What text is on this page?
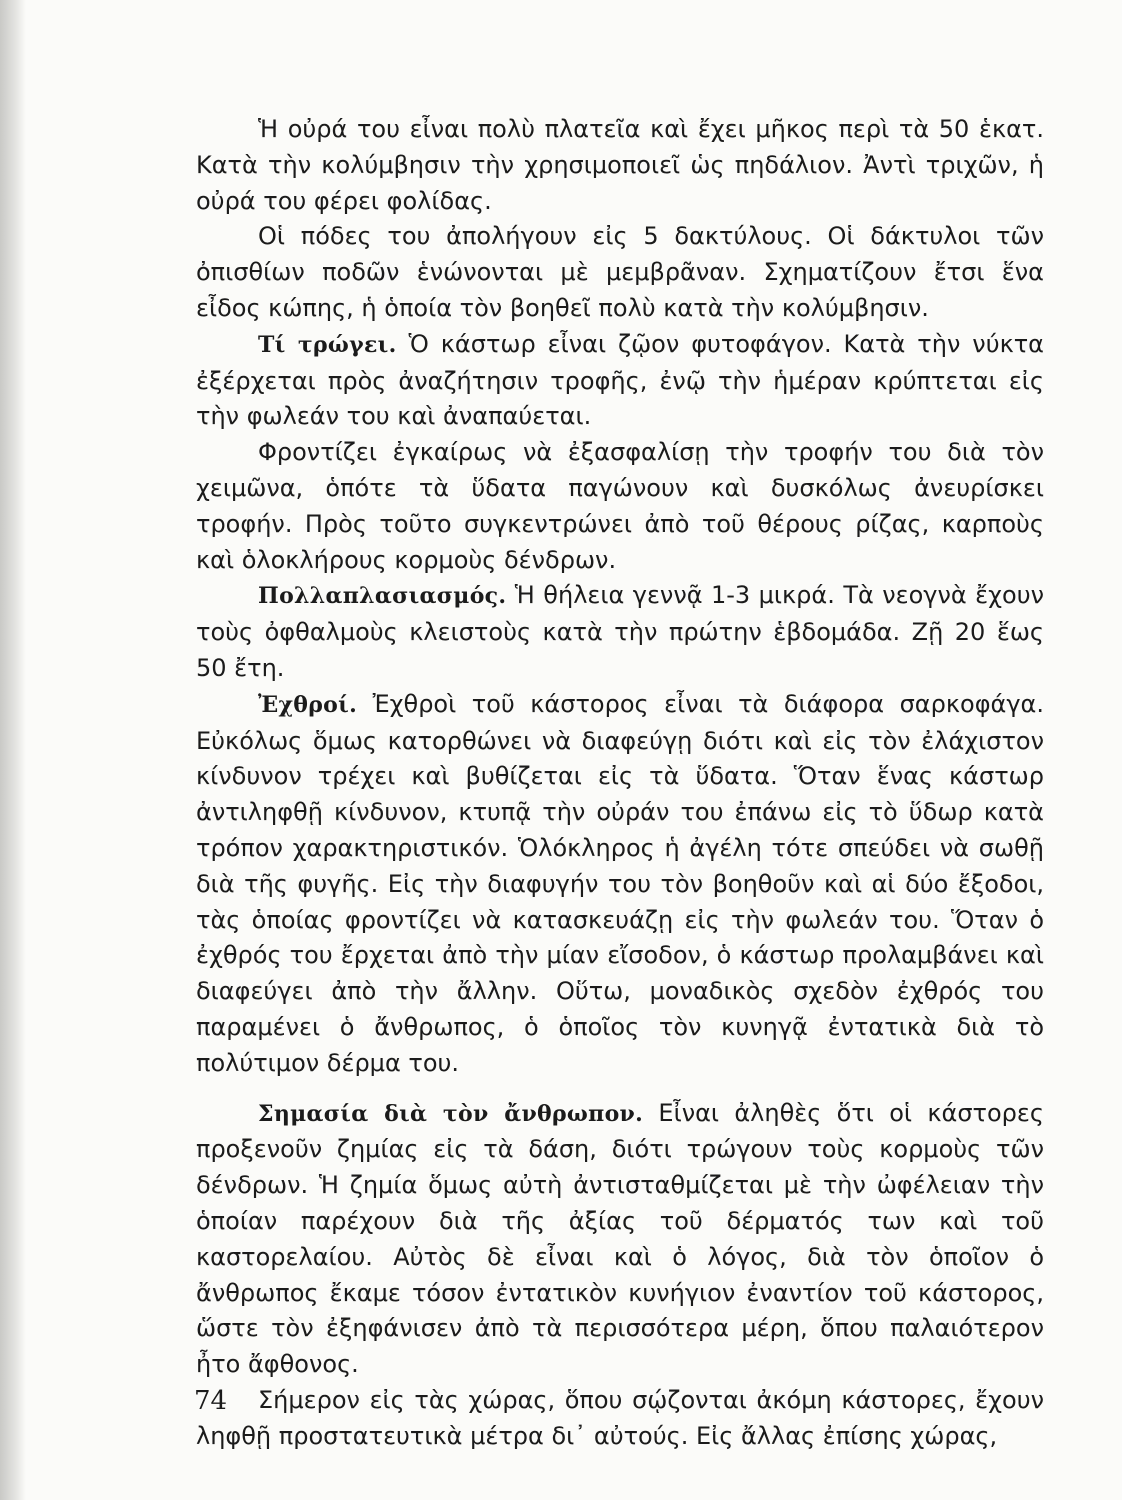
Ἡ οὐρά του εἶναι πολὺ πλατεῖα καὶ ἔχει μῆκος περὶ τὰ 50 ἑκατ. Κατὰ τὴν κολύμβησιν τὴν χρησιμοποιεῖ ὡς πηδάλιον. Ἀντὶ τριχῶν, ἡ οὐρά του φέρει φολίδας.

Οἱ πόδες του ἀπολήγουν εἰς 5 δακτύλους. Οἱ δάκτυλοι τῶν ὀπισθίων ποδῶν ἑνώνονται μὲ μεμβρᾶναν. Σχηματίζουν ἔτσι ἕνα εἶδος κώπης, ἡ ὁποία τὸν βοηθεῖ πολὺ κατὰ τὴν κολύμβησιν.

Τί τρώγει. Ὁ κάστωρ εἶναι ζῷον φυτοφάγον. Κατὰ τὴν νύκτα ἐξέρχεται πρὸς ἀναζήτησιν τροφῆς, ἐνῷ τὴν ἡμέραν κρύπτεται εἰς τὴν φωλεάν του καὶ ἀναπαύεται.

Φροντίζει ἐγκαίρως νὰ ἐξασφαλίσῃ τὴν τροφήν του διὰ τὸν χειμῶνα, ὁπότε τὰ ὕδατα παγώνουν καὶ δυσκόλως ἀνευρίσκει τροφήν. Πρὸς τοῦτο συγκεντρώνει ἀπὸ τοῦ θέρους ρίζας, καρποὺς καὶ ὁλοκλήρους κορμοὺς δένδρων.

Πολλαπλασιασμός. Ἡ θήλεια γεννᾷ 1-3 μικρά. Τὰ νεογνὰ ἔχουν τοὺς ὀφθαλμοὺς κλειστοὺς κατὰ τὴν πρώτην ἑβδομάδα. Ζῇ 20 ἕως 50 ἔτη.

Ἐχθροί. Ἐχθροὶ τοῦ κάστορος εἶναι τὰ διάφορα σαρκοφάγα. Εὐκόλως ὅμως κατορθώνει νὰ διαφεύγῃ διότι καὶ εἰς τὸν ἐλάχιστον κίνδυνον τρέχει καὶ βυθίζεται εἰς τὰ ὕδατα. Ὅταν ἕνας κάστωρ ἀντιληφθῇ κίνδυνον, κτυπᾷ τὴν οὐράν του ἐπάνω εἰς τὸ ὕδωρ κατὰ τρόπον χαρακτηριστικόν. Ὁλόκληρος ἡ ἀγέλη τότε σπεύδει νὰ σωθῇ διὰ τῆς φυγῆς. Εἰς τὴν διαφυγήν του τὸν βοηθοῦν καὶ αἱ δύο ἔξοδοι, τὰς ὁποίας φροντίζει νὰ κατασκευάζῃ εἰς τὴν φωλεάν του. Ὅταν ὁ ἐχθρός του ἔρχεται ἀπὸ τὴν μίαν εἴσοδον, ὁ κάστωρ προλαμβάνει καὶ διαφεύγει ἀπὸ τὴν ἄλλην. Οὕτω, μοναδικὸς σχεδὸν ἐχθρός του παραμένει ὁ ἄνθρωπος, ὁ ὁποῖος τὸν κυνηγᾷ ἐντατικὰ διὰ τὸ πολύτιμον δέρμα του.

Σημασία διὰ τὸν ἄνθρωπον. Εἶναι ἀληθὲς ὅτι οἱ κάστορες προξενοῦν ζημίας εἰς τὰ δάση, διότι τρώγουν τοὺς κορμοὺς τῶν δένδρων. Ἡ ζημία ὅμως αὐτὴ ἀντισταθμίζεται μὲ τὴν ὠφέλειαν τὴν ὁποίαν παρέχουν διὰ τῆς ἀξίας τοῦ δέρματός των καὶ τοῦ καστορελαίου. Αὐτὸς δὲ εἶναι καὶ ὁ λόγος, διὰ τὸν ὁποῖον ὁ ἄνθρωπος ἔκαμε τόσον ἐντατικὸν κυνήγιον ἐναντίον τοῦ κάστορος, ὥστε τὸν ἐξηφάνισεν ἀπὸ τὰ περισσότερα μέρη, ὅπου παλαιότερον ἦτο ἄφθονος.

Σήμερον εἰς τὰς χώρας, ὅπου σῴζονται ἀκόμη κάστορες, ἔχουν ληφθῇ προστατευτικὰ μέτρα δι᾿ αὐτούς. Εἰς ἄλλας ἐπίσης χώρας,

74
